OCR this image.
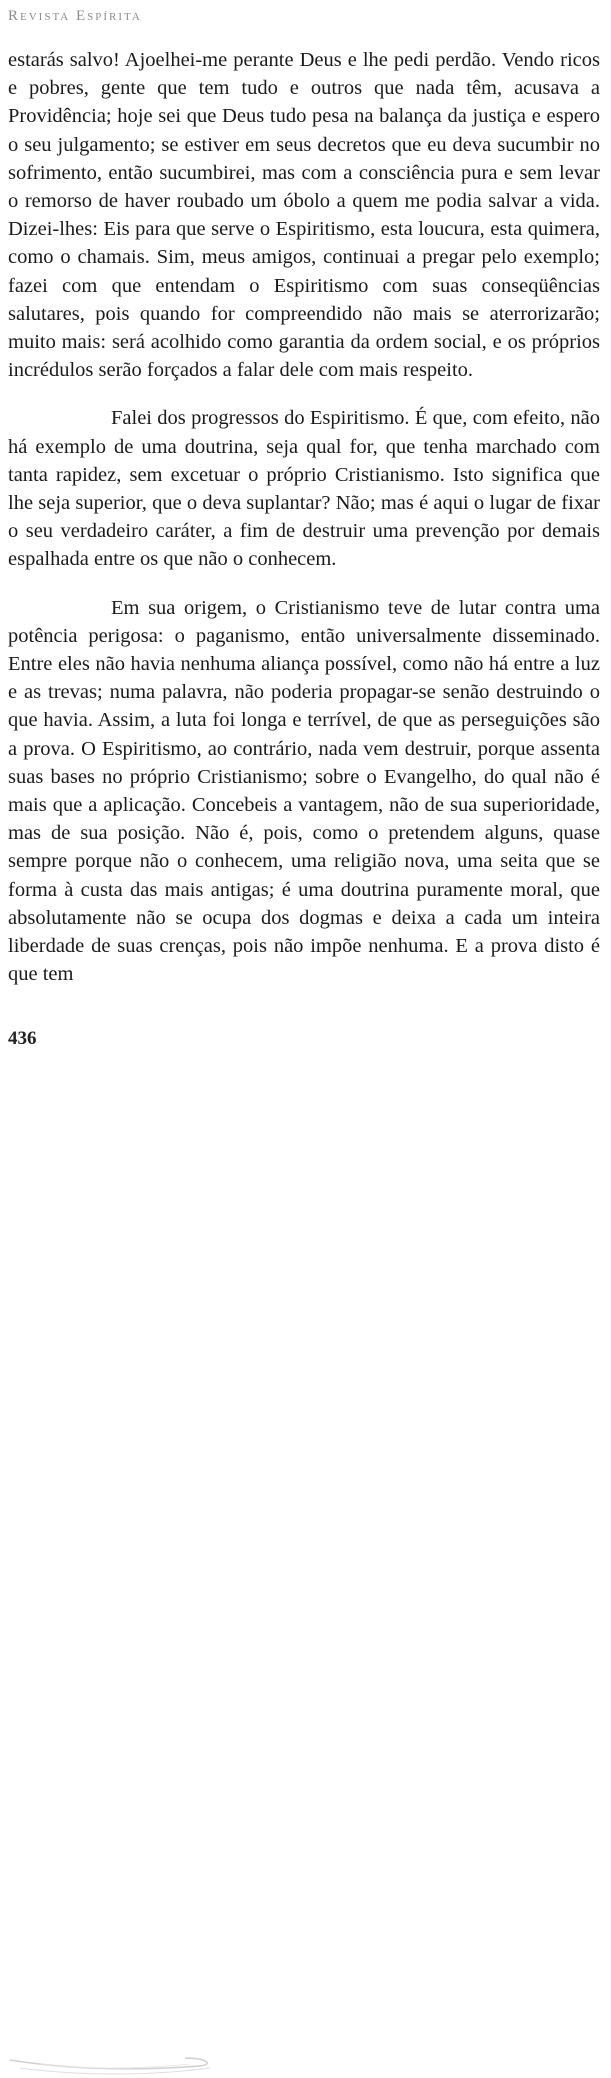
Revista Espírita

estarás salvo! Ajoelhei-me perante Deus e lhe pedi perdão. Vendo ricos e pobres, gente que tem tudo e outros que nada têm, acusava a Providência; hoje sei que Deus tudo pesa na balança da justiça e espero o seu julgamento; se estiver em seus decretos que eu deva sucumbir no sofrimento, então sucumbirei, mas com a consciência pura e sem levar o remorso de haver roubado um óbolo a quem me podia salvar a vida. Dizei-lhes: Eis para que serve o Espiritismo, esta loucura, esta quimera, como o chamais. Sim, meus amigos, continuai a pregar pelo exemplo; fazei com que entendam o Espiritismo com suas conseqüências salutares, pois quando for compreendido não mais se aterrorizarão; muito mais: será acolhido como garantia da ordem social, e os próprios incrédulos serão forçados a falar dele com mais respeito.

Falei dos progressos do Espiritismo. É que, com efeito, não há exemplo de uma doutrina, seja qual for, que tenha marchado com tanta rapidez, sem excetuar o próprio Cristianismo. Isto significa que lhe seja superior, que o deva suplantar? Não; mas é aqui o lugar de fixar o seu verdadeiro caráter, a fim de destruir uma prevenção por demais espalhada entre os que não o conhecem.

Em sua origem, o Cristianismo teve de lutar contra uma potência perigosa: o paganismo, então universalmente disseminado. Entre eles não havia nenhuma aliança possível, como não há entre a luz e as trevas; numa palavra, não poderia propagar-se senão destruindo o que havia. Assim, a luta foi longa e terrível, de que as perseguições são a prova. O Espiritismo, ao contrário, nada vem destruir, porque assenta suas bases no próprio Cristianismo; sobre o Evangelho, do qual não é mais que a aplicação. Concebeis a vantagem, não de sua superioridade, mas de sua posição. Não é, pois, como o pretendem alguns, quase sempre porque não o conhecem, uma religião nova, uma seita que se forma à custa das mais antigas; é uma doutrina puramente moral, que absolutamente não se ocupa dos dogmas e deixa a cada um inteira liberdade de suas crenças, pois não impõe nenhuma. E a prova disto é que tem

436
